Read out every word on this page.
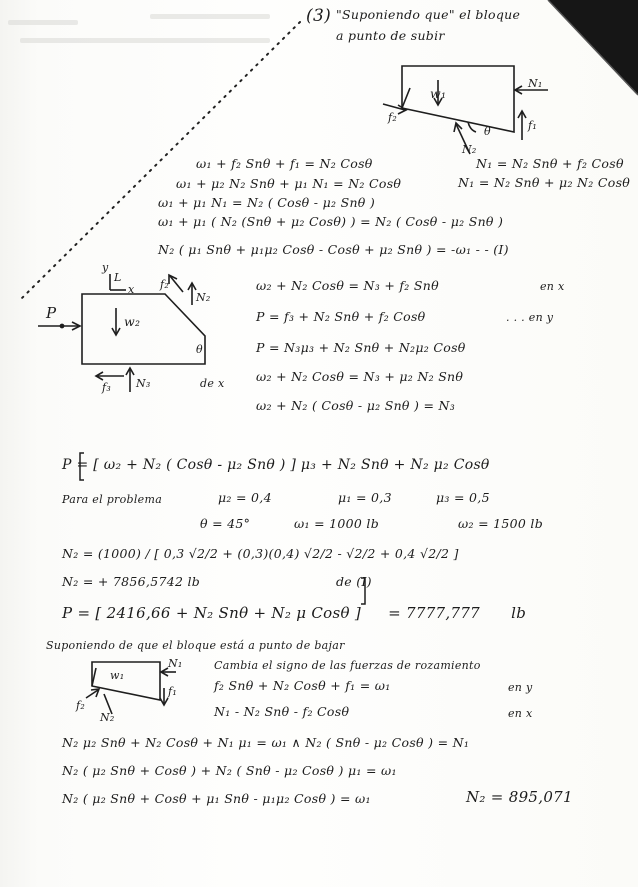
(3) "Suponiendo que" el bloque
a punto de subir
w₁
N₁
f₂
θ	f₁
N₂
ω₁ + f₂ Snθ + f₁ = N₂ Cosθ
ω₁ + μ₂ N₂ Snθ + μ₁ N₁ = N₂ Cosθ
ω₁ + μ₁ N₁ = N₂ ( Cosθ - μ₂ Snθ )
ω₁ + μ₁ ( N₂ (Snθ + μ₂ Cosθ) ) = N₂ ( Cosθ - μ₂ Snθ )
N₂ ( μ₁ Snθ + μ₁μ₂ Cosθ - Cosθ + μ₂ Snθ ) = -ω₁ - - (I)
N₁ = N₂ Snθ + f₂ Cosθ
N₁ = N₂ Snθ + μ₂ N₂ Cosθ
y
x
L
f₂
N₂
P	w₂
θ
f₃ N₃	de x
ω₂ + N₂ Cosθ = N₃ + f₂ Snθ	en x
P = f₃ + N₂ Snθ + f₂ Cosθ	. . . en y
P = N₃μ₃ + N₂ Snθ + N₂μ₂ Cosθ
ω₂ + N₂ Cosθ = N₃ + μ₂ N₂ Snθ
ω₂ + N₂ ( Cosθ - μ₂ Snθ ) = N₃
P = [ ω₂ + N₂ ( Cosθ - μ₂ Snθ ) ] μ₃ + N₂ Snθ + N₂ μ₂ Cosθ
Para el problema	μ₂ = 0,4	μ₁ = 0,3	μ₃ = 0,5
θ = 45°	ω₁ = 1000 lb	ω₂ = 1500 lb
N₂ = (1000) / [ 0,3 √2/2 + (0,3)(0,4) √2/2 - √2/2 + 0,4 √2/2 ]
N₂ = + 7856,5742 lb	de (I)
P = [ 2416,66 + N₂ Snθ + N₂ μ Cosθ ] = 7777,777 lb
Suponiendo de que el bloque está a punto de bajar
w₁
N₁
f₁
f₂
N₂
Cambia el signo de las fuerzas de rozamiento
f₂ Snθ + N₂ Cosθ + f₁ = ω₁	en y
N₁ - N₂ Snθ - f₂ Cosθ	en x
N₂ μ₂ Snθ + N₂ Cosθ + N₁ μ₁ = ω₁ ∧ N₂ ( Snθ - μ₂ Cosθ ) = N₁
N₂ ( μ₂ Snθ + Cosθ ) + N₂ ( Snθ - μ₂ Cosθ ) μ₁ = ω₁
N₂ ( μ₂ Snθ + Cosθ + μ₁ Snθ - μ₁μ₂ Cosθ ) = ω₁	N₂ = 895,071
